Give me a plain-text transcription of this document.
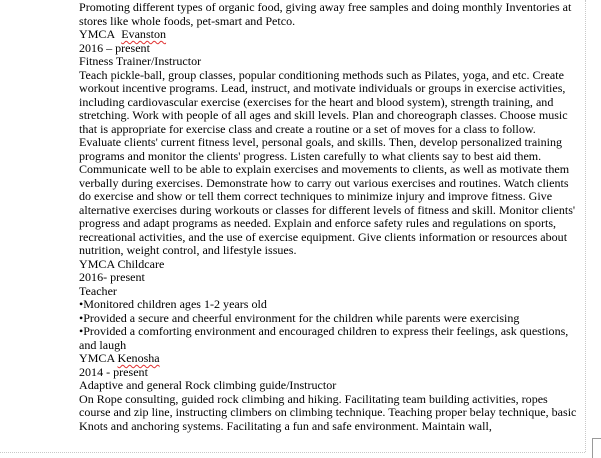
Promoting different types of organic food, giving away free samples and doing monthly Inventories at stores like whole foods, pet-smart and Petco.

YMCA Evanston

2016 – present

Fitness Trainer/Instructor

Teach pickle-ball, group classes, popular conditioning methods such as Pilates, yoga, and etc. Create workout incentive programs. Lead, instruct, and motivate individuals or groups in exercise activities, including cardiovascular exercise (exercises for the heart and blood system), strength training, and stretching. Work with people of all ages and skill levels. Plan and choreograph classes. Choose music that is appropriate for exercise class and create a routine or a set of moves for a class to follow. Evaluate clients' current fitness level, personal goals, and skills. Then, develop personalized training programs and monitor the clients' progress. Listen carefully to what clients say to best aid them. Communicate well to be able to explain exercises and movements to clients, as well as motivate them verbally during exercises. Demonstrate how to carry out various exercises and routines. Watch clients do exercise and show or tell them correct techniques to minimize injury and improve fitness. Give alternative exercises during workouts or classes for different levels of fitness and skill. Monitor clients' progress and adapt programs as needed. Explain and enforce safety rules and regulations on sports, recreational activities, and the use of exercise equipment. Give clients information or resources about nutrition, weight control, and lifestyle issues.

YMCA Childcare

2016- present

Teacher

•Monitored children ages 1-2 years old

•Provided a secure and cheerful environment for the children while parents were exercising

•Provided a comforting environment and encouraged children to express their feelings, ask questions, and laugh

YMCA Kenosha

2014 - present

Adaptive and general Rock climbing guide/Instructor

On Rope consulting, guided rock climbing and hiking. Facilitating team building activities, ropes course and zip line, instructing climbers on climbing technique. Teaching proper belay technique, basic Knots and anchoring systems. Facilitating a fun and safe environment. Maintain wall,
